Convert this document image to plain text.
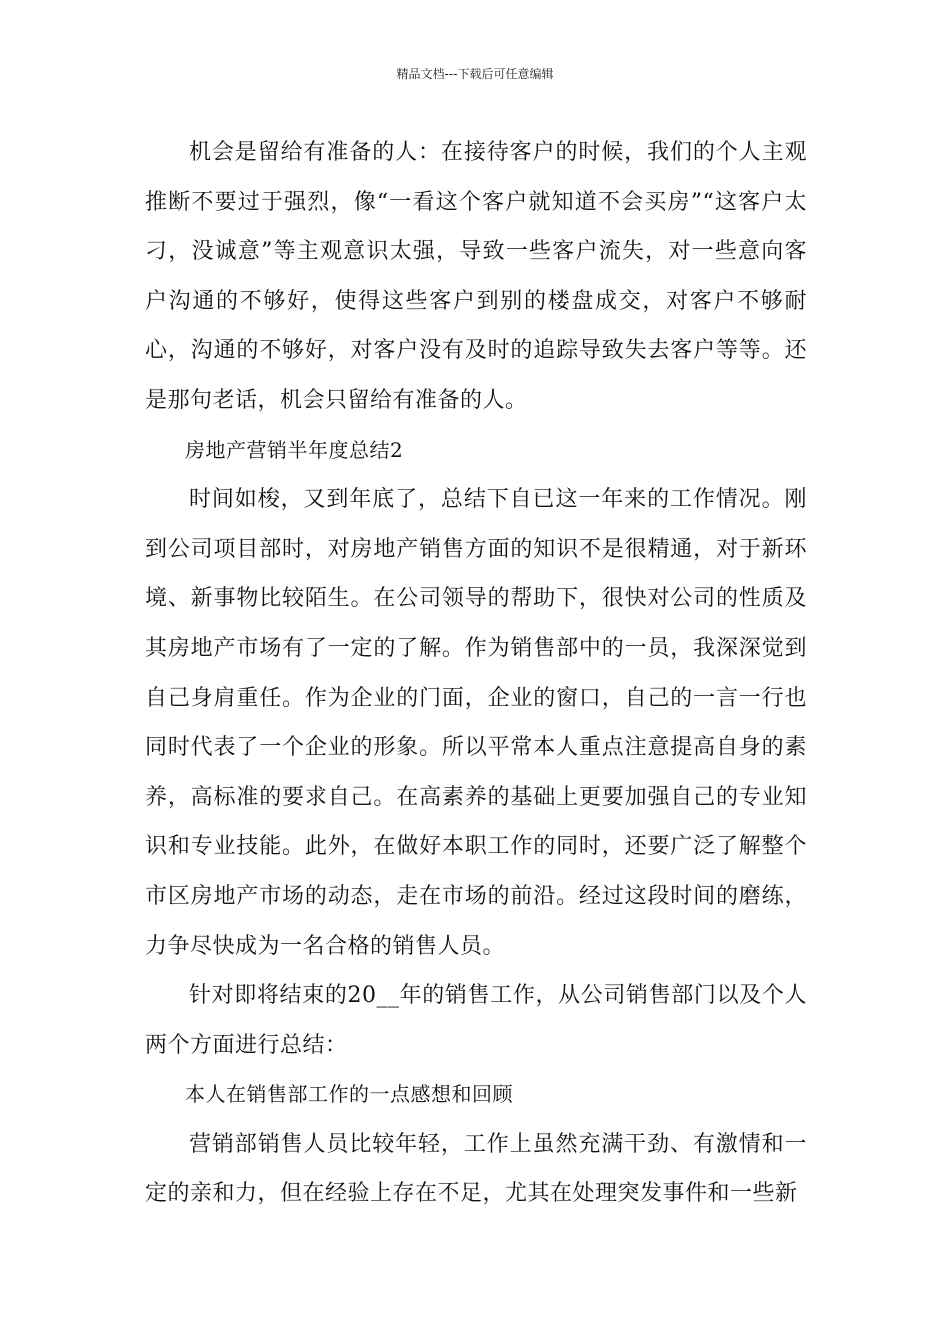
精品文档---下载后可任意编辑

机会是留给有准备的人：在接待客户的时候，我们的个人主观推断不要过于强烈，像“一看这个客户就知道不会买房”“这客户太刁，没诚意”等主观意识太强，导致一些客户流失，对一些意向客户沟通的不够好，使得这些客户到别的楼盘成交，对客户不够耐心，沟通的不够好，对客户没有及时的追踪导致失去客户等等。还是那句老话，机会只留给有准备的人。

房地产营销半年度总结2

时间如梭，又到年底了，总结下自已这一年来的工作情况。刚到公司项目部时，对房地产销售方面的知识不是很精通，对于新环境、新事物比较陌生。在公司领导的帮助下，很快对公司的性质及其房地产市场有了一定的了解。作为销售部中的一员，我深深觉到自己身肩重任。作为企业的门面，企业的窗口，自己的一言一行也同时代表了一个企业的形象。所以平常本人重点注意提高自身的素养，高标准的要求自己。在高素养的基础上更要加强自己的专业知识和专业技能。此外，在做好本职工作的同时，还要广泛了解整个市区房地产市场的动态，走在市场的前沿。经过这段时间的磨练，力争尽快成为一名合格的销售人员。

针对即将结束的20__年的销售工作，从公司销售部门以及个人两个方面进行总结：

本人在销售部工作的一点感想和回顾

营销部销售人员比较年轻，工作上虽然充满干劲、有激情和一定的亲和力，但在经验上存在不足，尤其在处理突发事件和一些新
